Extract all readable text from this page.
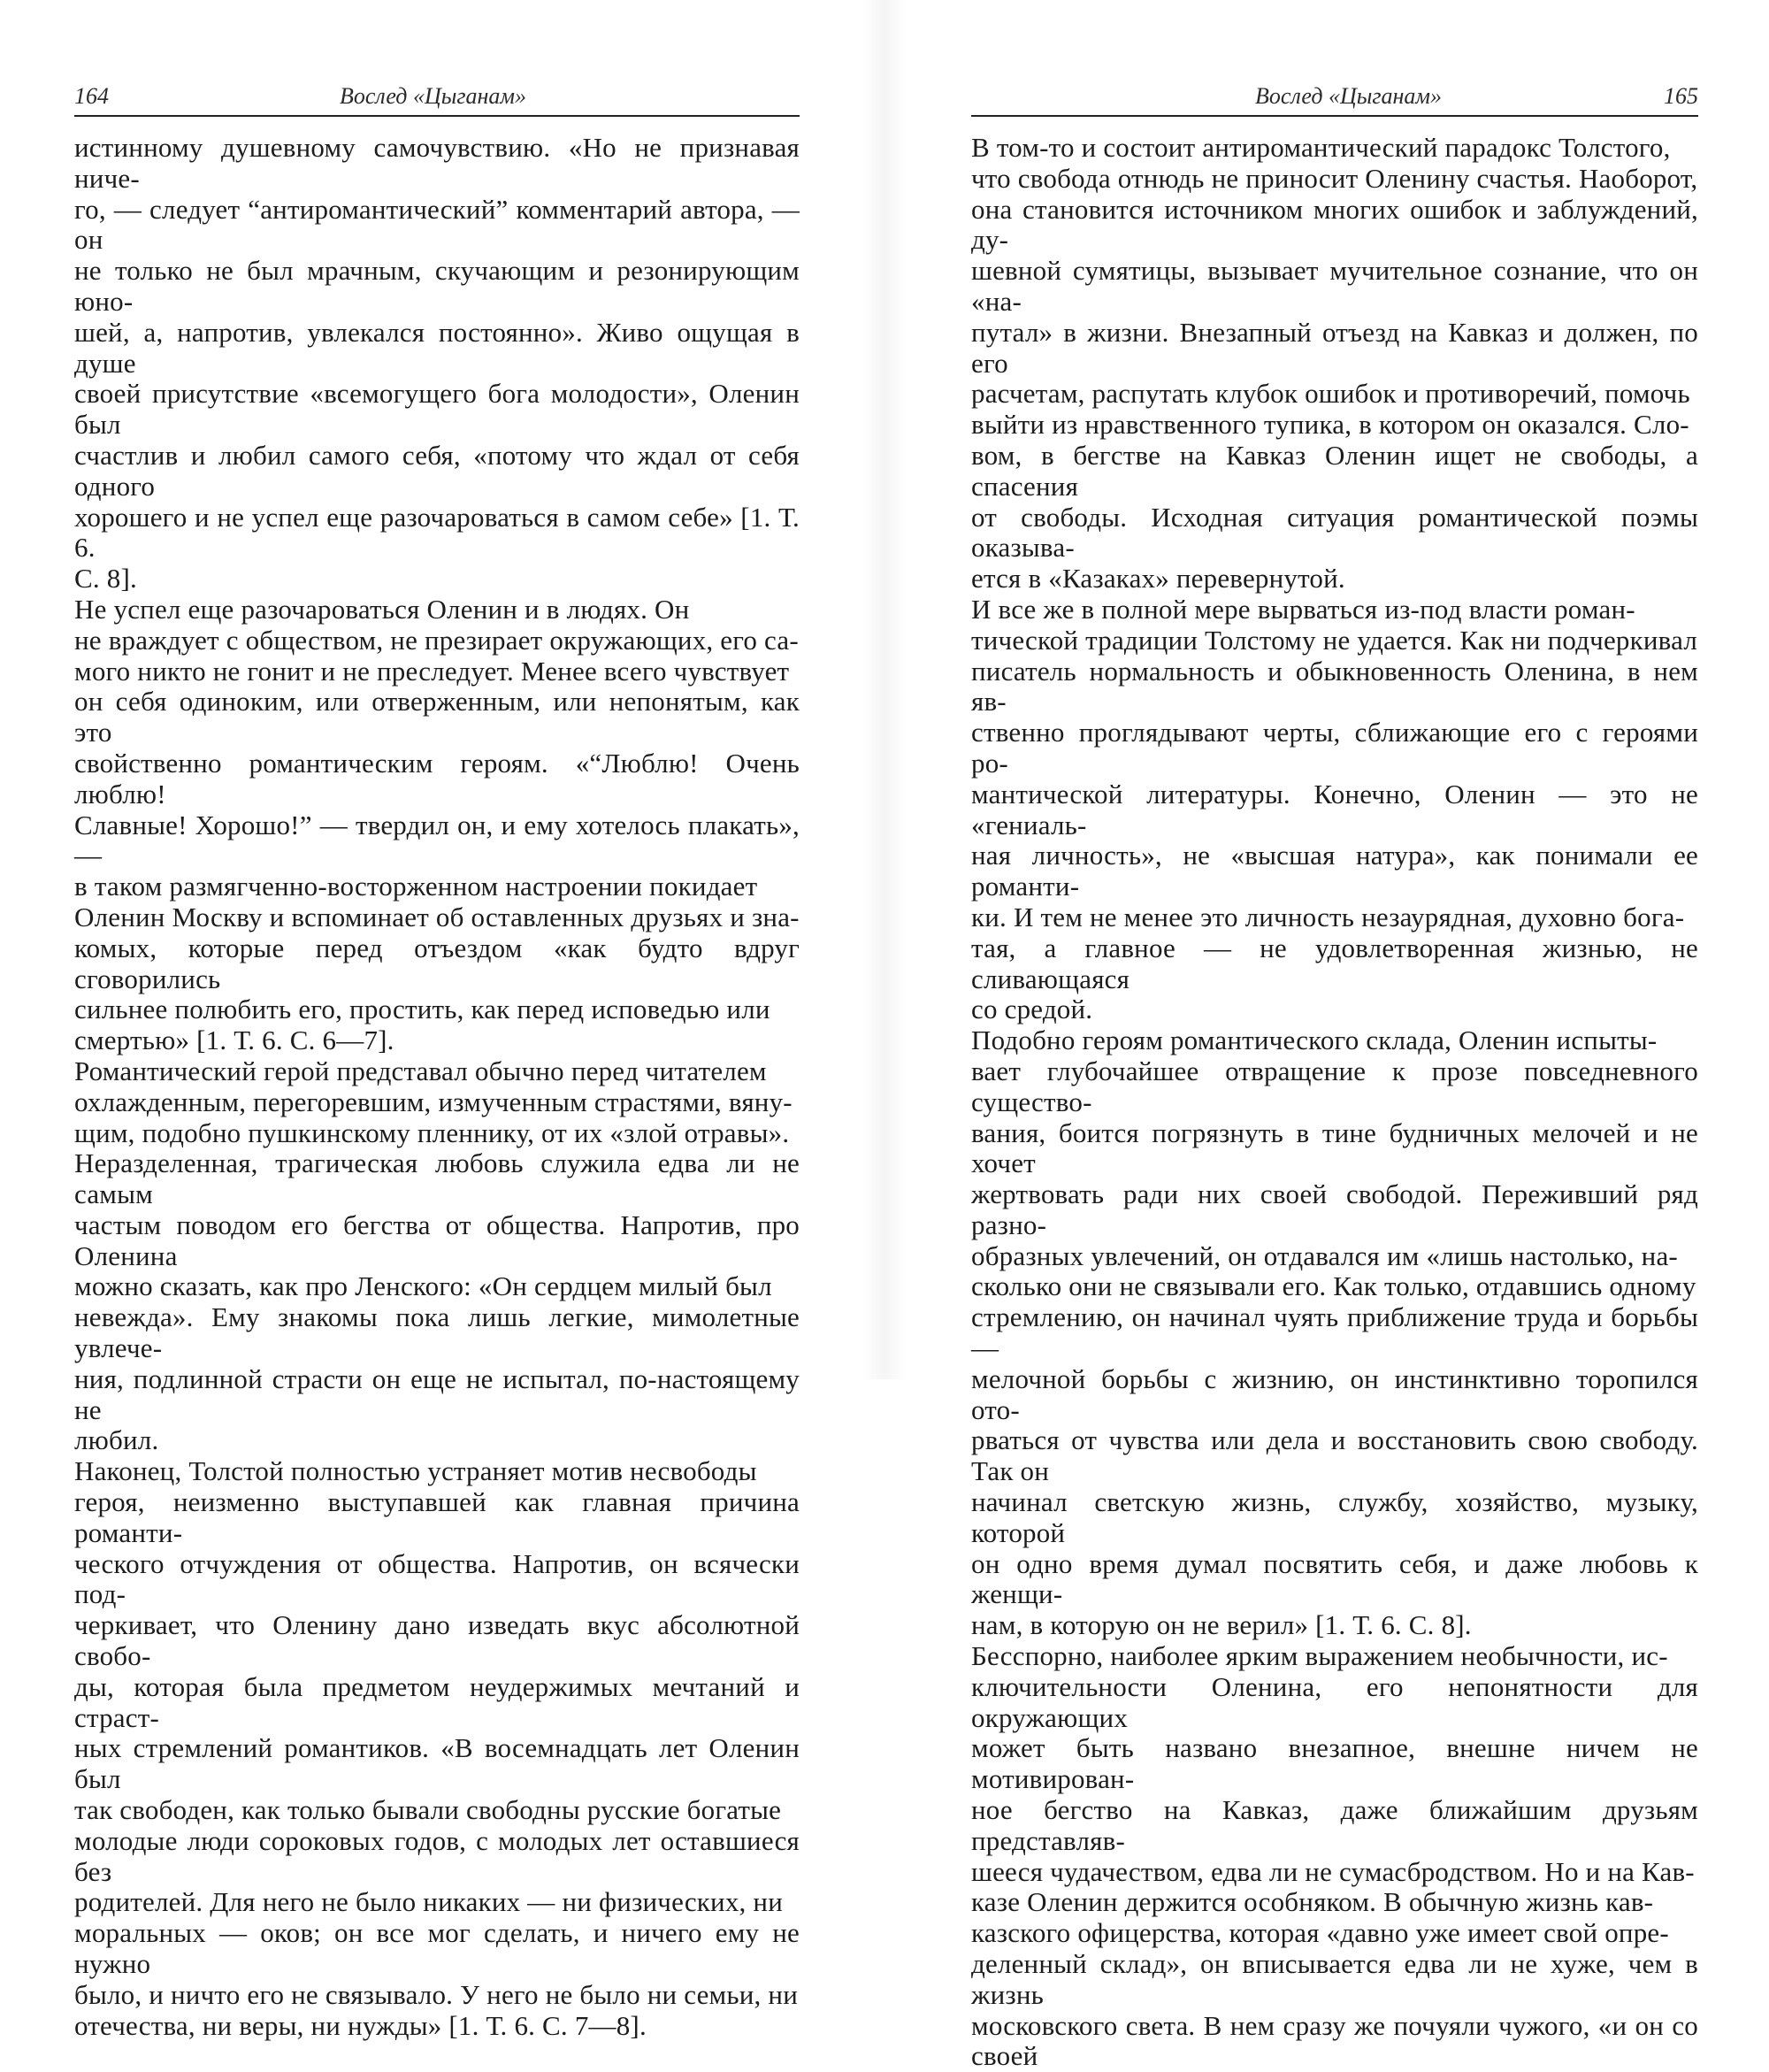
164	Вослед «Цыганам»

истинному душевному самочувствию. «Но не признавая ниче-
го, — следует “антиромантический” комментарий автора, — он
не только не был мрачным, скучающим и резонирующим юно-
шей, а, напротив, увлекался постоянно». Живо ощущая в душе
своей присутствие «всемогущего бога молодости», Оленин был
счастлив и любил самого себя, «потому что ждал от себя одного
хорошего и не успел еще разочароваться в самом себе» [1. Т. 6.
С. 8].
Не успел еще разочароваться Оленин и в людях. Он
не враждует с обществом, не презирает окружающих, его са-
мого никто не гонит и не преследует. Менее всего чувствует
он себя одиноким, или отверженным, или непонятым, как это
свойственно романтическим героям. «“Люблю! Очень люблю!
Славные! Хорошо!” — твердил он, и ему хотелось плакать», —
в таком размягченно-восторженном настроении покидает
Оленин Москву и вспоминает об оставленных друзьях и зна-
комых, которые перед отъездом «как будто вдруг сговорились
сильнее полюбить его, простить, как перед исповедью или
смертью» [1. Т. 6. С. 6—7].
Романтический герой представал обычно перед читателем
охлажденным, перегоревшим, измученным страстями, вяну-
щим, подобно пушкинскому пленнику, от их «злой отравы».
Неразделенная, трагическая любовь служила едва ли не самым
частым поводом его бегства от общества. Напротив, про Оленина
можно сказать, как про Ленского: «Он сердцем милый был
невежда». Ему знакомы пока лишь легкие, мимолетные увлече-
ния, подлинной страсти он еще не испытал, по-настоящему не
любил.
Наконец, Толстой полностью устраняет мотив несвободы
героя, неизменно выступавшей как главная причина романти-
ческого отчуждения от общества. Напротив, он всячески под-
черкивает, что Оленину дано изведать вкус абсолютной свобо-
ды, которая была предметом неудержимых мечтаний и страст-
ных стремлений романтиков. «В восемнадцать лет Оленин был
так свободен, как только бывали свободны русские богатые
молодые люди сороковых годов, с молодых лет оставшиеся без
родителей. Для него не было никаких — ни физических, ни
моральных — оков; он все мог сделать, и ничего ему не нужно
было, и ничто его не связывало. У него не было ни семьи, ни
отечества, ни веры, ни нужды» [1. Т. 6. С. 7—8].

Вослед «Цыганам»	165

В том-то и состоит антиромантический парадокс Толстого,
что свобода отнюдь не приносит Оленину счастья. Наоборот,
она становится источником многих ошибок и заблуждений, ду-
шевной сумятицы, вызывает мучительное сознание, что он «на-
путал» в жизни. Внезапный отъезд на Кавказ и должен, по его
расчетам, распутать клубок ошибок и противоречий, помочь
выйти из нравственного тупика, в котором он оказался. Сло-
вом, в бегстве на Кавказ Оленин ищет не свободы, а спасения
от свободы. Исходная ситуация романтической поэмы оказыва-
ется в «Казаках» перевернутой.
И все же в полной мере вырваться из-под власти роман-
тической традиции Толстому не удается. Как ни подчеркивал
писатель нормальность и обыкновенность Оленина, в нем яв-
ственно проглядывают черты, сближающие его с героями ро-
мантической литературы. Конечно, Оленин — это не «гениаль-
ная личность», не «высшая натура», как понимали ее романти-
ки. И тем не менее это личность незаурядная, духовно бога-
тая, а главное — не удовлетворенная жизнью, не сливающаяся
со средой.
Подобно героям романтического склада, Оленин испыты-
вает глубочайшее отвращение к прозе повседневного существо-
вания, боится погрязнуть в тине будничных мелочей и не хочет
жертвовать ради них своей свободой. Переживший ряд разно-
образных увлечений, он отдавался им «лишь настолько, на-
сколько они не связывали его. Как только, отдавшись одному
стремлению, он начинал чуять приближение труда и борьбы —
мелочной борьбы с жизнию, он инстинктивно торопился ото-
рваться от чувства или дела и восстановить свою свободу. Так он
начинал светскую жизнь, службу, хозяйство, музыку, которой
он одно время думал посвятить себя, и даже любовь к женщи-
нам, в которую он не верил» [1. Т. 6. С. 8].
Бесспорно, наиболее ярким выражением необычности, ис-
ключительности Оленина, его непонятности для окружающих
может быть названо внезапное, внешне ничем не мотивирован-
ное бегство на Кавказ, даже ближайшим друзьям представляв-
шееся чудачеством, едва ли не сумасбродством. Но и на Кав-
казе Оленин держится особняком. В обычную жизнь кав-
казского офицерства, которая «давно уже имеет свой опре-
деленный склад», он вписывается едва ли не хуже, чем в жизнь
московского света. В нем сразу же почуяли чужого, «и он со своей
